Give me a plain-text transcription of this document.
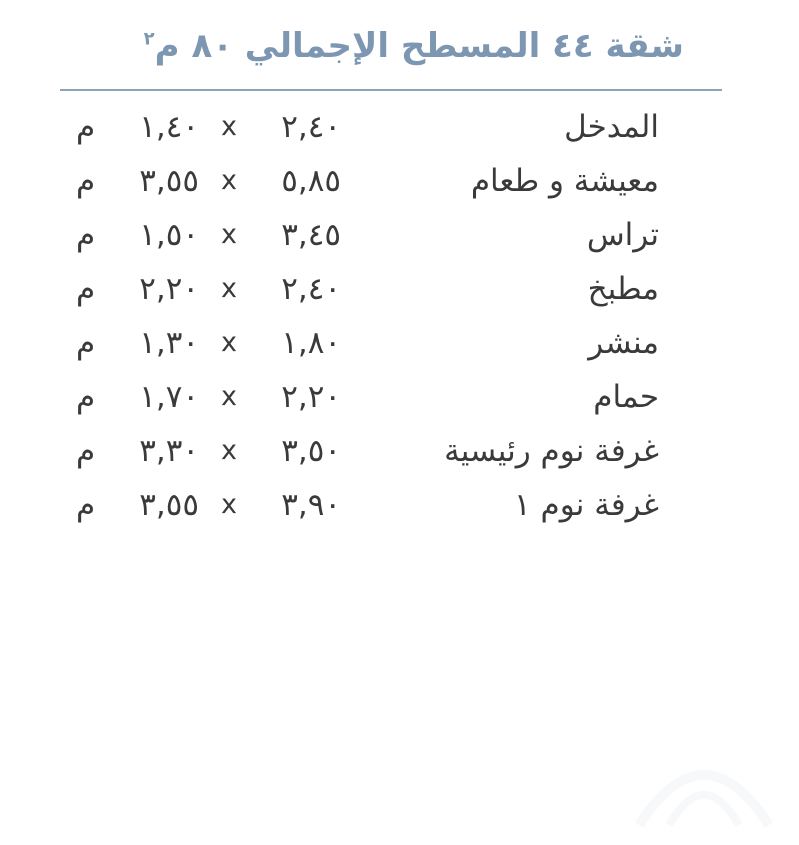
شقة ٤٤ المسطح الإجمالي ٨٠ م$^٢$
المدخل
٢,٤٠
x
١,٤٠
م
معيشة و طعام
٥,٨٥
x
٣,٥٥
م
تراس
٣,٤٥
x
١,٥٠
م
مطبخ
٢,٤٠
x
٢,٢٠
م
منشر
١,٨٠
x
١,٣٠
م
حمام
٢,٢٠
x
١,٧٠
م
غرفة نوم رئيسية
٣,٥٠
x
٣,٣٠
م
غرفة نوم ١
٣,٩٠
x
٣,٥٥
م
